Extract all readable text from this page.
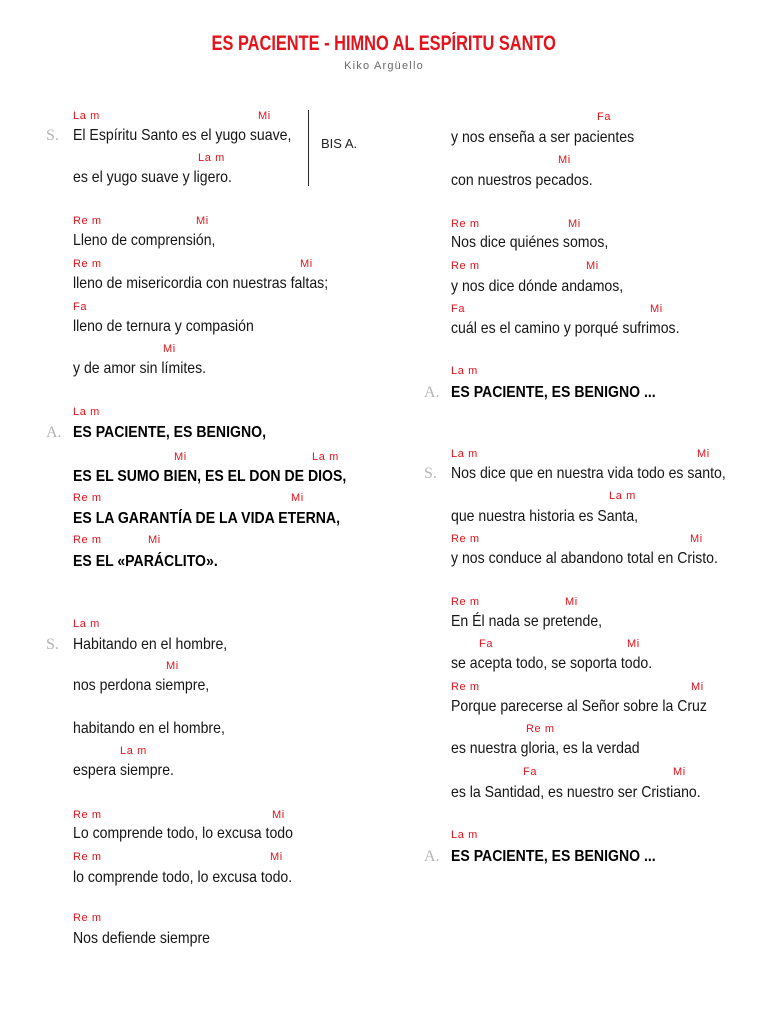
ES PACIENTE - HIMNO AL ESPÍRITU SANTO
Kiko Argüello
BIS A.
La m	Mi
S. El Espíritu Santo es el yugo suave,
La m
es el yugo suave y ligero.
Re m	Mi
Lleno de comprensión,
Re m	Mi
lleno de misericordia con nuestras faltas;
Fa
lleno de ternura y compasión
Mi
y de amor sin límites.
La m
A. ES PACIENTE, ES BENIGNO,
Mi	La m
ES EL SUMO BIEN, ES EL DON DE DIOS,
Re m	Mi
ES LA GARANTÍA DE LA VIDA ETERNA,
Re m	Mi
ES EL «PARÁCLITO».
La m
S. Habitando en el hombre,
Mi
nos perdona siempre,
habitando en el hombre,
La m
espera siempre.
Re m	Mi
Lo comprende todo, lo excusa todo
Re m	Mi
lo comprende todo, lo excusa todo.
Re m
Nos defiende siempre
Fa
y nos enseña a ser pacientes
Mi
con nuestros pecados.
Re m	Mi
Nos dice quiénes somos,
Re m	Mi
y nos dice dónde andamos,
Fa	Mi
cuál es el camino y porqué sufrimos.
La m
A. ES PACIENTE, ES BENIGNO ...
La m	Mi
S. Nos dice que en nuestra vida todo es santo,
La m
que nuestra historia es Santa,
Re m	Mi
y nos conduce al abandono total en Cristo.
Re m	Mi
En Él nada se pretende,
Fa	Mi
se acepta todo, se soporta todo.
Re m	Mi
Porque parecerse al Señor sobre la Cruz
Re m
es nuestra gloria, es la verdad
Fa	Mi
es la Santidad, es nuestro ser Cristiano.
La m
A. ES PACIENTE, ES BENIGNO ...
